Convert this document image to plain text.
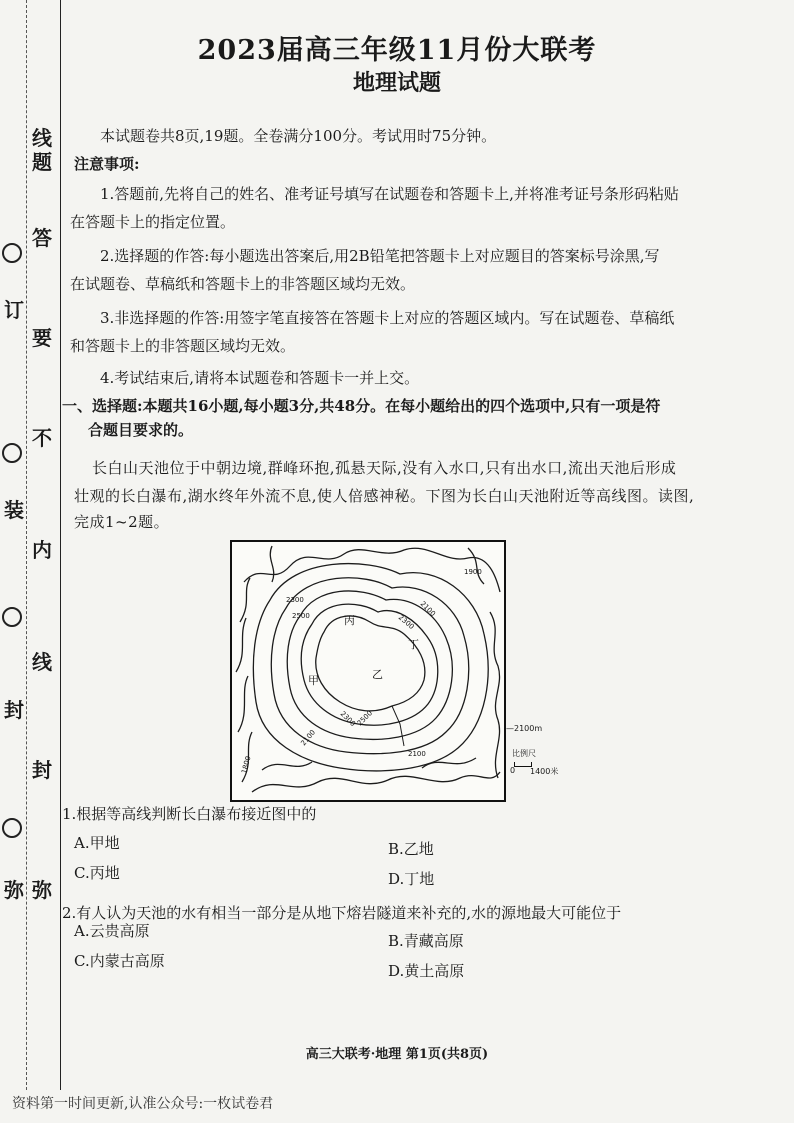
线
题
答
要
不
内
线
封
订
装
封
弥 弥
2023届高三年级11月份大联考
地理试题
本试题卷共8页,19题。全卷满分100分。考试用时75分钟。
注意事项:
1.答题前,先将自己的姓名、准考证号填写在试题卷和答题卡上,并将准考证号条形码粘贴
在答题卡上的指定位置。
2.选择题的作答:每小题选出答案后,用2B铅笔把答题卡上对应题目的答案标号涂黑,写
在试题卷、草稿纸和答题卡上的非答题区域均无效。
3.非选择题的作答:用签字笔直接答在答题卡上对应的答题区域内。写在试题卷、草稿纸
和答题卡上的非答题区域均无效。
4.考试结束后,请将本试题卷和答题卡一并上交。
一、选择题:本题共16小题,每小题3分,共48分。在每小题给出的四个选项中,只有一项是符
合题目要求的。
长白山天池位于中朝边境,群峰环抱,孤悬天际,没有入水口,只有出水口,流出天池后形成
壮观的长白瀑布,湖水终年外流不息,使人倍感神秘。下图为长白山天池附近等高线图。读图,
完成1~2题。
甲	乙
丙
丁
1900
2300
2500	2100
2300
2300
2500
2100
2100
1800
—2100m
比例尺
0 1400米
1.根据等高线判断长白瀑布接近图中的
A.甲地	B.乙地
C.丙地	D.丁地
2.有人认为天池的水有相当一部分是从地下熔岩隧道来补充的,水的源地最大可能位于
A.云贵高原
B.青藏高原
C.内蒙古高原
D.黄土高原
高三大联考·地理 第1页(共8页)
资料第一时间更新,认准公众号:一枚试卷君
